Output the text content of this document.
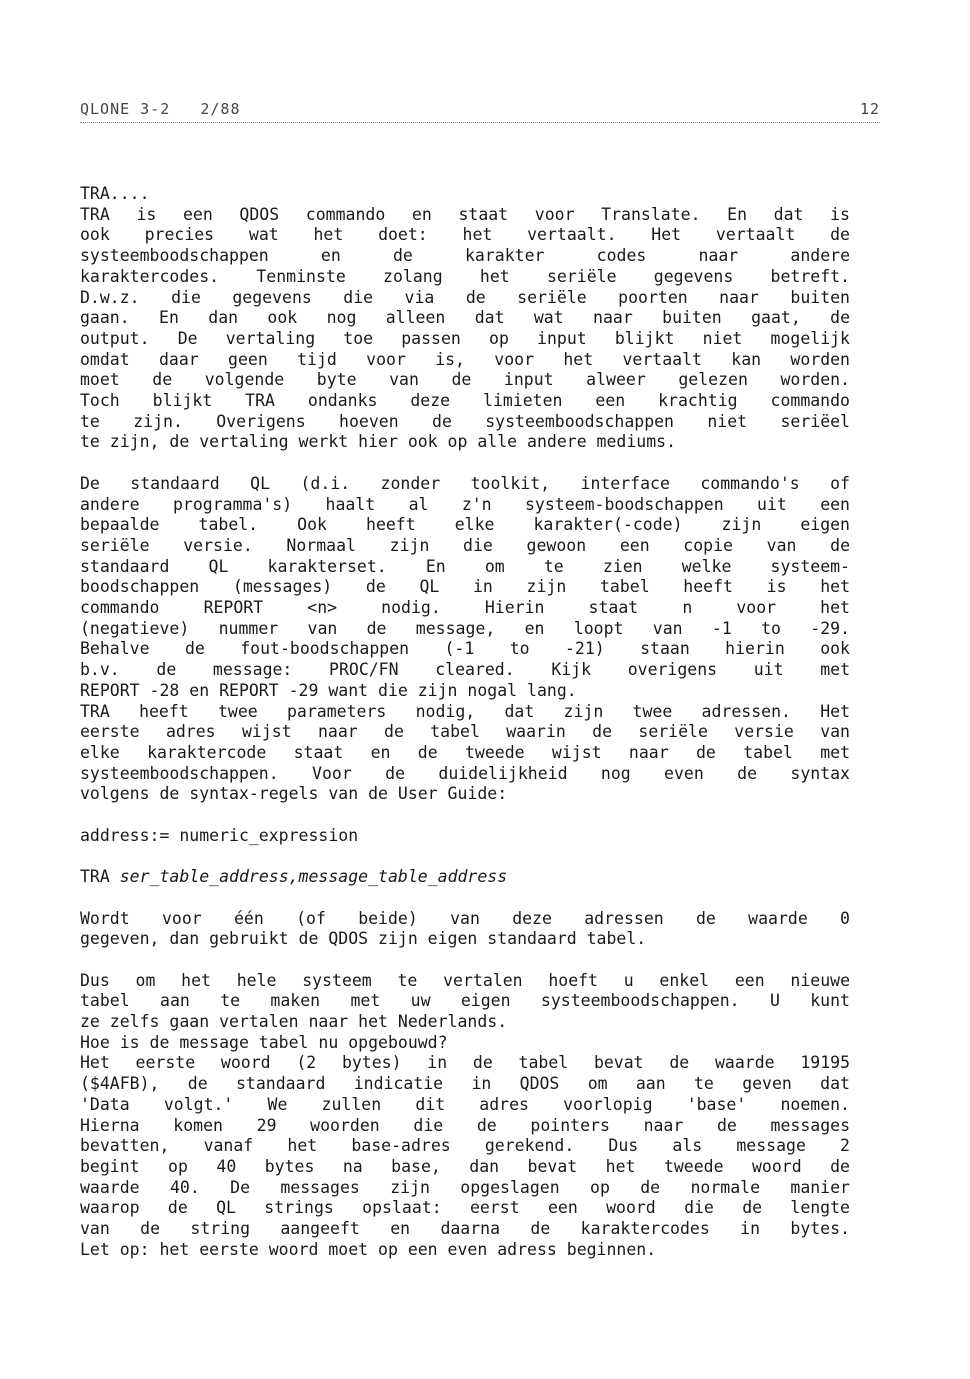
QLONE 3-2   2/88	12
TRA....
TRA is een QDOS commando en staat voor Translate. En dat is
ook precies wat het doet: het vertaalt. Het vertaalt de
systeemboodschappen en de karakter codes naar andere
karaktercodes. Tenminste zolang het seriële gegevens betreft.
D.w.z. die gegevens die via de seriële poorten naar buiten
gaan. En dan ook nog alleen dat wat naar buiten gaat, de
output. De vertaling toe passen op input blijkt niet mogelijk
omdat daar geen tijd voor is, voor het vertaalt kan worden
moet de volgende byte van de input alweer gelezen worden.
Toch blijkt TRA ondanks deze limieten een krachtig commando
te zijn. Overigens hoeven de systeemboodschappen niet seriëel
te zijn, de vertaling werkt hier ook op alle andere mediums.
De standaard QL (d.i. zonder toolkit, interface commando's of
andere programma's) haalt al z'n systeem-boodschappen uit een
bepaalde tabel. Ook heeft elke karakter(-code) zijn eigen
seriële versie. Normaal zijn die gewoon een copie van de
standaard QL karakterset. En om te zien welke systeem-
boodschappen (messages) de QL in zijn tabel heeft is het
commando REPORT <n> nodig. Hierin staat n voor het
(negatieve) nummer van de message, en loopt van -1 to -29.
Behalve de fout-boodschappen (-1 to -21) staan hierin ook
b.v. de message: PROC/FN cleared. Kijk overigens uit met
REPORT -28 en REPORT -29 want die zijn nogal lang.
TRA heeft twee parameters nodig, dat zijn twee adressen. Het
eerste adres wijst naar de tabel waarin de seriële versie van
elke karaktercode staat en de tweede wijst naar de tabel met
systeemboodschappen. Voor de duidelijkheid nog even de syntax
volgens de syntax-regels van de User Guide:
address:= numeric_expression
TRA ser_table_address,message_table_address
Wordt voor één (of beide) van deze adressen de waarde 0
gegeven, dan gebruikt de QDOS zijn eigen standaard tabel.
Dus om het hele systeem te vertalen hoeft u enkel een nieuwe
tabel aan te maken met uw eigen systeemboodschappen. U kunt
ze zelfs gaan vertalen naar het Nederlands.
Hoe is de message tabel nu opgebouwd?
Het eerste woord (2 bytes) in de tabel bevat de waarde 19195
($4AFB), de standaard indicatie in QDOS om aan te geven dat
'Data volgt.' We zullen dit adres voorlopig 'base' noemen.
Hierna komen 29 woorden die de pointers naar de messages
bevatten, vanaf het base-adres gerekend. Dus als message 2
begint op 40 bytes na base, dan bevat het tweede woord de
waarde 40. De messages zijn opgeslagen op de normale manier
waarop de QL strings opslaat: eerst een woord die de lengte
van de string aangeeft en daarna de karaktercodes in bytes.
Let op: het eerste woord moet op een even adress beginnen.
